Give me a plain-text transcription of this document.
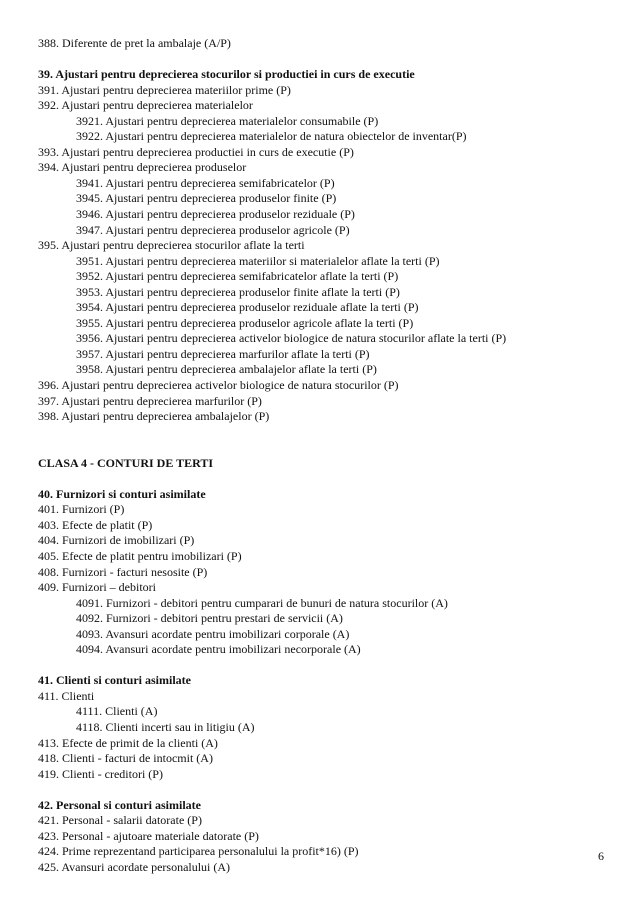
388. Diferente de pret la ambalaje (A/P)
39. Ajustari pentru deprecierea stocurilor si productiei in curs de executie
391. Ajustari pentru deprecierea materiilor prime (P)
392. Ajustari pentru deprecierea materialelor
3921. Ajustari pentru deprecierea materialelor consumabile (P)
3922. Ajustari pentru deprecierea materialelor de natura obiectelor de inventar(P)
393. Ajustari pentru deprecierea productiei in curs de executie (P)
394. Ajustari pentru deprecierea produselor
3941. Ajustari pentru deprecierea semifabricatelor (P)
3945. Ajustari pentru deprecierea produselor finite (P)
3946. Ajustari pentru deprecierea produselor reziduale (P)
3947. Ajustari pentru deprecierea produselor agricole (P)
395. Ajustari pentru deprecierea stocurilor aflate la terti
3951. Ajustari pentru deprecierea materiilor si materialelor aflate la terti (P)
3952. Ajustari pentru deprecierea semifabricatelor aflate la terti (P)
3953. Ajustari pentru deprecierea produselor finite aflate la terti (P)
3954. Ajustari pentru deprecierea produselor reziduale aflate la terti (P)
3955. Ajustari pentru deprecierea produselor agricole aflate la terti (P)
3956. Ajustari pentru deprecierea activelor biologice de natura stocurilor aflate la terti (P)
3957. Ajustari pentru deprecierea marfurilor aflate la terti (P)
3958. Ajustari pentru deprecierea ambalajelor aflate la terti (P)
396. Ajustari pentru deprecierea activelor biologice de natura stocurilor (P)
397. Ajustari pentru deprecierea marfurilor (P)
398. Ajustari pentru deprecierea ambalajelor (P)
CLASA 4 - CONTURI DE TERTI
40. Furnizori si conturi asimilate
401. Furnizori (P)
403. Efecte de platit (P)
404. Furnizori de imobilizari (P)
405. Efecte de platit pentru imobilizari (P)
408. Furnizori - facturi nesosite (P)
409. Furnizori – debitori
4091. Furnizori - debitori pentru cumparari de bunuri de natura stocurilor (A)
4092. Furnizori - debitori pentru prestari de servicii (A)
4093. Avansuri acordate pentru imobilizari corporale (A)
4094. Avansuri acordate pentru imobilizari necorporale (A)
41. Clienti si conturi asimilate
411. Clienti
4111. Clienti (A)
4118. Clienti incerti sau in litigiu (A)
413. Efecte de primit de la clienti (A)
418. Clienti - facturi de intocmit (A)
419. Clienti - creditori (P)
42. Personal si conturi asimilate
421. Personal - salarii datorate (P)
423. Personal - ajutoare materiale datorate (P)
424. Prime reprezentand participarea personalului la profit*16) (P)
425. Avansuri acordate personalului (A)
6
